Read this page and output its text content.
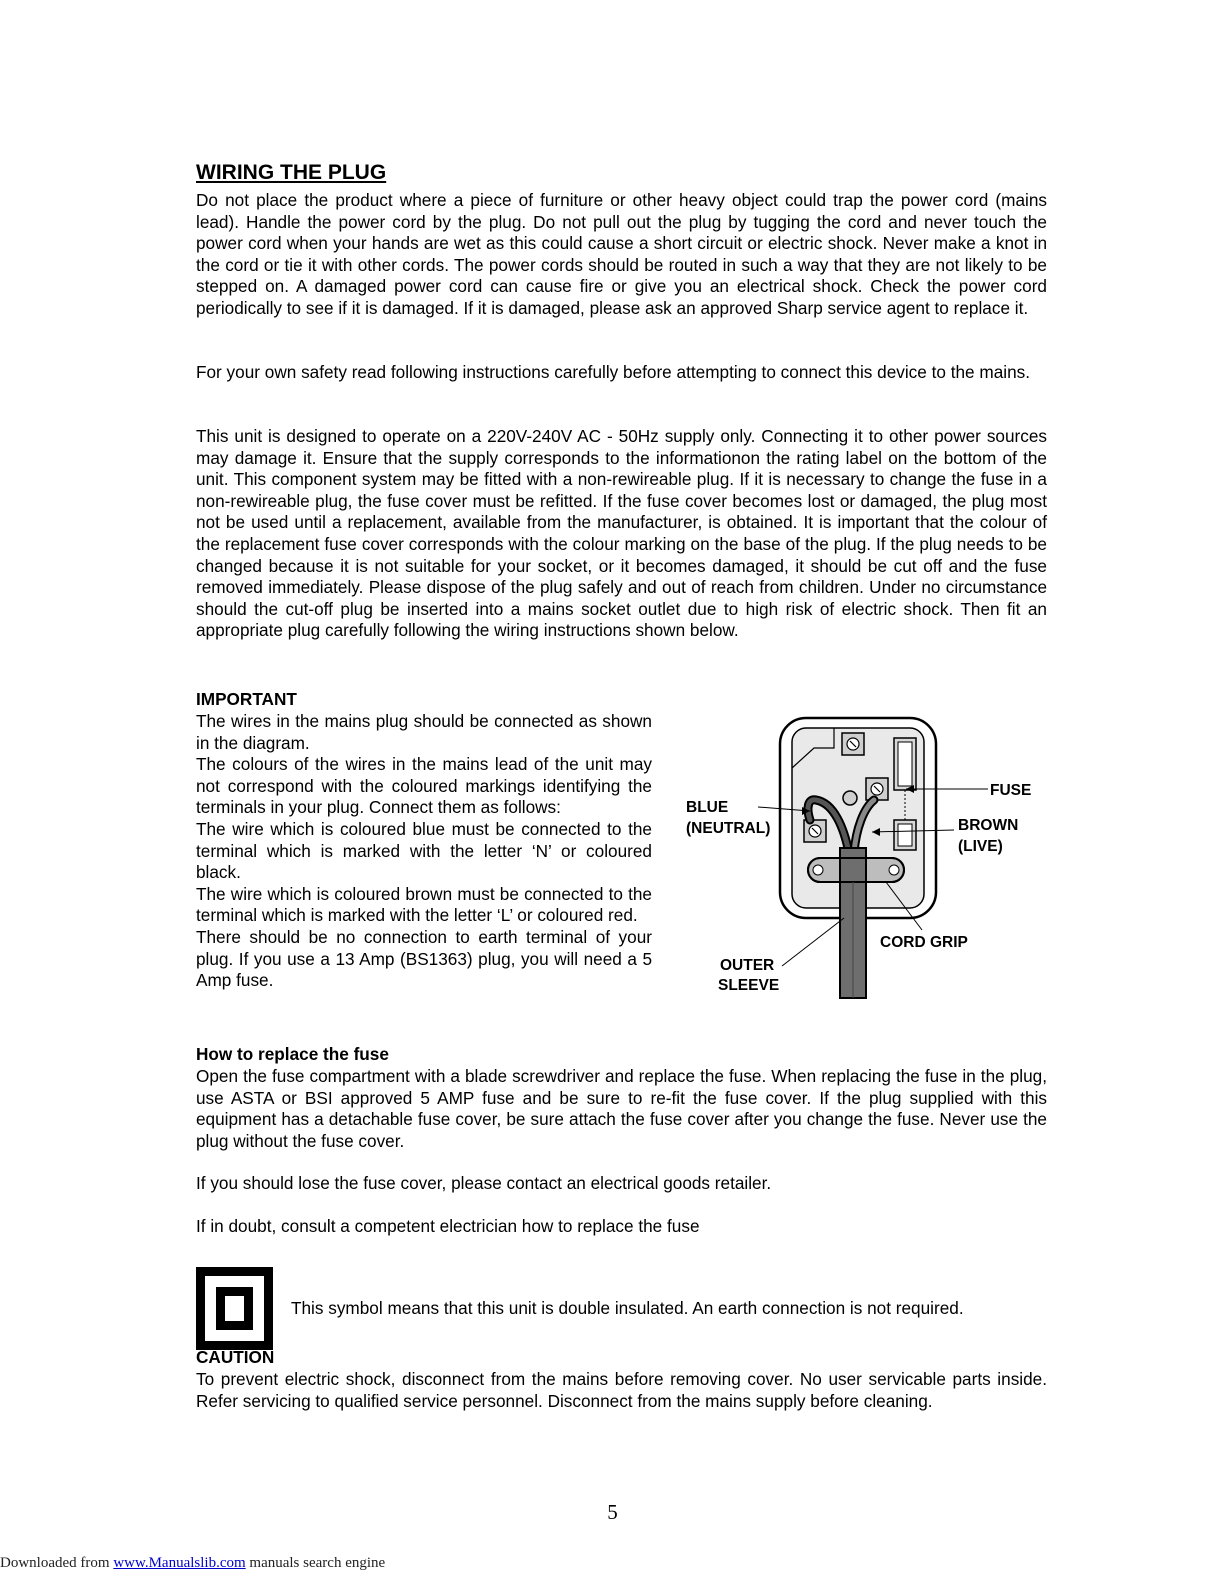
WIRING THE PLUG

Do not place the product where a piece of furniture or other heavy object could trap the power cord (mains lead). Handle the power cord by the plug. Do not pull out the plug by tugging the cord and never touch the power cord when your hands are wet as this could cause a short circuit or electric shock. Never make a knot in the cord or tie it with other cords. The power cords should be routed in such a way that they are not likely to be stepped on. A damaged power cord can cause fire or give you an electrical shock. Check the power cord periodically to see if it is damaged. If it is damaged, please ask an approved Sharp service agent to replace it.

For your own safety read following instructions carefully before attempting to connect this device to the mains.

This unit is designed to operate on a 220V-240V AC - 50Hz supply only. Connecting it to other power sources may damage it. Ensure that the supply corresponds to the informationon the rating label on the bottom of the unit. This component system may be fitted with a non-rewireable plug. If it is necessary to change the fuse in a non-rewireable plug, the fuse cover must be refitted. If the fuse cover becomes lost or damaged, the plug most not be used until a replacement, available from the manufacturer, is obtained. It is important that the colour of the replacement fuse cover corresponds with the colour marking on the base of the plug. If the plug needs to be changed because it is not suitable for your socket, or it becomes damaged, it should be cut off and the fuse removed immediately. Please dispose of the plug safely and out of reach from children. Under no circumstance should the cut-off plug be inserted into a mains socket outlet due to high risk of electric shock. Then fit an appropriate plug carefully following the wiring instructions shown below.

IMPORTANT

The wires in the mains plug should be connected as shown in the diagram.

The colours of the wires in the mains lead of the unit may not correspond with the coloured markings identifying the terminals in your plug. Connect them as follows:

The wire which is coloured blue must be connected to the terminal which is marked with the letter ‘N’ or coloured black.

The wire which is coloured brown must be connected to the terminal which is marked with the letter ‘L’ or coloured red.

There should be no connection to earth terminal of your plug. If you use a 13 Amp (BS1363) plug, you will need a 5 Amp fuse.

BLUE
(NEUTRAL)
FUSE
BROWN
(LIVE)
CORD GRIP
OUTER
SLEEVE
How to replace the fuse

Open the fuse compartment with a blade screwdriver and replace the fuse. When replacing the fuse in the plug, use ASTA or BSI approved 5 AMP fuse and be sure to re-fit the fuse cover. If the plug supplied with this equipment has a detachable fuse cover, be sure attach the fuse cover after you change the fuse. Never use the plug without the fuse cover.

If you should lose the fuse cover, please contact an electrical goods retailer.

If in doubt, consult a competent electrician how to replace the fuse

This symbol means that this unit is double insulated. An earth connection is not required.
CAUTION

To prevent electric shock, disconnect from the mains before removing cover. No user servicable parts inside. Refer servicing to qualified service personnel. Disconnect from the mains supply before cleaning.

5
Downloaded from www.Manualslib.com manuals search engine
